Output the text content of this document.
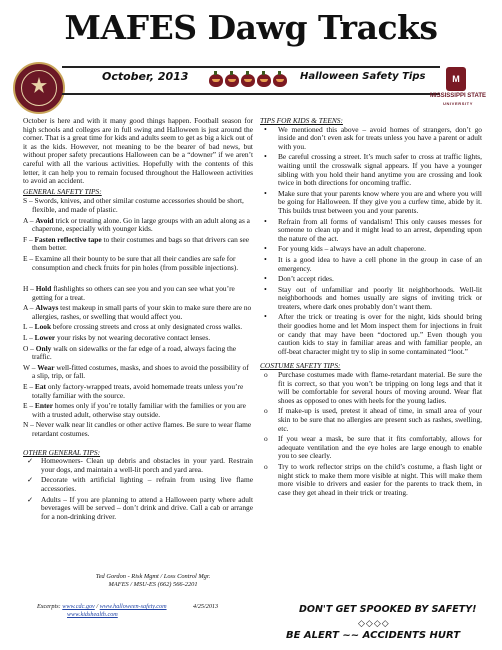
MAFES Dawg Tracks
October, 2013	Halloween Safety Tips	M
MISSISSIPPI STATE
UNIVERSITY
October is here and with it many good things happen. Football season for high schools and colleges are in full swing and Halloween is just around the corner. That is a great time for kids and adults seem to get as big a kick out of it as the kids. However, not meaning to be the bearer of bad news, but without proper safety precautions Halloween can be a “downer” if we aren’t careful with all the various activities. Hopefully with the contents of this letter, it can help you to remain focused throughout the Halloween activities to avoid an accident.
GENERAL SAFETY TIPS:
S – Swords, knives, and other similar costume accessories should be short, flexible, and made of plastic.
A – Avoid trick or treating alone. Go in large groups with an adult along as a chaperone, especially with younger kids.
F – Fasten reflective tape to their costumes and bags so that drivers can see them better.
E – Examine all their bounty to be sure that all their candies are safe for consumption and check fruits for pin holes (from possible injections).
H – Hold flashlights so others can see you and you can see what you’re getting for a treat.
A – Always test makeup in small parts of your skin to make sure there are no allergies, rashes, or swelling that would affect you.
L – Look before crossing streets and cross at only designated cross walks.
L – Lower your risks by not wearing decorative contact lenses.
O – Only walk on sidewalks or the far edge of a road, always facing the traffic.
W – Wear well-fitted costumes, masks, and shoes to avoid the possibility of a slip, trip, or fall.
E – Eat only factory-wrapped treats, avoid homemade treats unless you’re totally familiar with the source.
E – Enter homes only if you’re totally familiar with the families or you are with a trusted adult, otherwise stay outside.
N – Never walk near lit candles or other active flames. Be sure to wear flame retardant costumes.
OTHER GENERAL TIPS:
✓ Homeowners- Clean up debris and obstacles in your yard. Restrain your dogs, and maintain a well-lit porch and yard area.
✓ Decorate with artificial lighting – refrain from using live flame accessories.
✓ Adults – If you are planning to attend a Halloween party where adult beverages will be served – don’t drink and drive. Call a cab or arrange for a non-drinking driver.
TIPS FOR KIDS & TEENS:
• We mentioned this above – avoid homes of strangers, don’t go inside and don’t even ask for treats unless you have a parent or adult with you.
• Be careful crossing a street. It’s much safer to cross at traffic lights, waiting until the crosswalk signal appears. If you have a younger sibling with you hold their hand anytime you are crossing and look twice in both directions for oncoming traffic.
• Make sure that your parents know where you are and where you will be going for Halloween. If they give you a curfew time, abide by it. This builds trust between you and your parents.
• Refrain from all forms of vandalism! This only causes messes for someone to clean up and it might lead to an arrest, depending upon the nature of the act.
• For young kids – always have an adult chaperone.
• It is a good idea to have a cell phone in the group in case of an emergency.
• Don’t accept rides.
• Stay out of unfamiliar and poorly lit neighborhoods. Well-lit neighborhoods and homes usually are signs of inviting trick or treaters, where dark ones probably don’t want them.
• After the trick or treating is over for the night, kids should bring their goodies home and let Mom inspect them for injections in fruit or candy that may have been “doctored up.” Even though you caution kids to stay in familiar areas and with familiar people, an off-beat character might try to slip in some contaminated “loot.”
COSTUME SAFETY TIPS:
o Purchase costumes made with flame-retardant material. Be sure the fit is correct, so that you won’t be tripping on long legs and that it will be comfortable for several hours of moving around. Wear flat shoes as opposed to ones with heels for the young ladies.
o If make-up is used, pretest it ahead of time, in small area of your skin to be sure that no allergies are present such as rashes, swelling, etc.
o If you wear a mask, be sure that it fits comfortably, allows for adequate ventilation and the eye holes are large enough to enable you to see clearly.
o Try to work reflector strips on the child’s costume, a flash light or night stick to make them more visible at night. This will make them more visible to drivers and easier for the parents to track them, in case they get ahead in their trick or treating.
Ted Gordon - Risk Mgmt / Loss Control Mgr.
MAFES / MSU-ES (662) 566-2201
Excerpts: www.cdc.gov / www.halloween-safety.com
www.kidshealth.com
4/25/2013	DON'T GET SPOOKED BY SAFETY!
◇◇◇◇
BE ALERT ~~ ACCIDENTS HURT
